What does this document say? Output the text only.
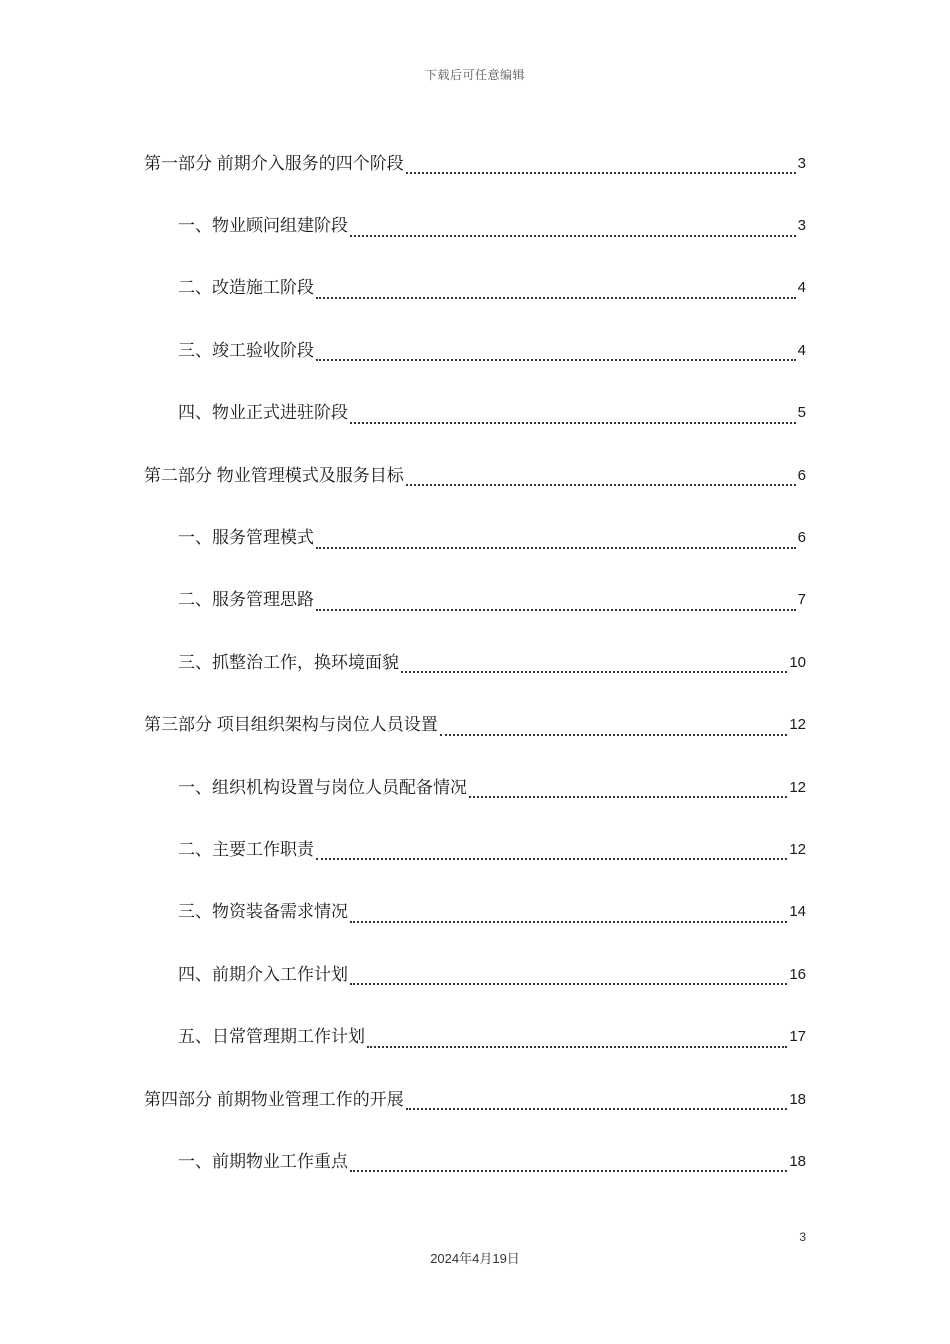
下载后可任意编辑
第一部分 前期介入服务的四个阶段	3
一、物业顾问组建阶段	3
二、改造施工阶段	4
三、竣工验收阶段	4
四、物业正式进驻阶段	5
第二部分 物业管理模式及服务目标	6
一、服务管理模式	6
二、服务管理思路	7
三、抓整治工作，换环境面貌	10
第三部分 项目组织架构与岗位人员设置	12
一、组织机构设置与岗位人员配备情况	12
二、主要工作职责	12
三、物资装备需求情况	14
四、前期介入工作计划	16
五、日常管理期工作计划	17
第四部分 前期物业管理工作的开展	18
一、前期物业工作重点	18
3
2024年4月19日
